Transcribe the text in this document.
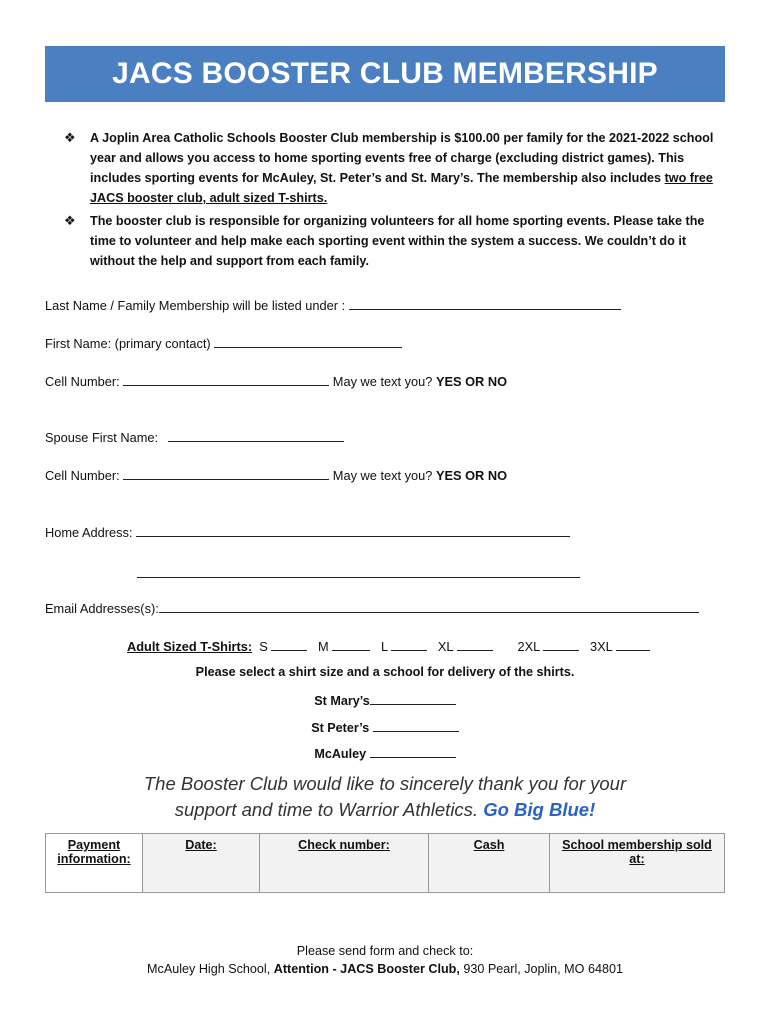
JACS BOOSTER CLUB MEMBERSHIP
❖ A Joplin Area Catholic Schools Booster Club membership is $100.00 per family for the 2021-2022 school year and allows you access to home sporting events free of charge (excluding district games). This includes sporting events for McAuley, St. Peter’s and St. Mary’s. The membership also includes two free JACS booster club, adult sized T-shirts.
❖ The booster club is responsible for organizing volunteers for all home sporting events. Please take the time to volunteer and help make each sporting event within the system a success. We couldn’t do it without the help and support from each family.
Last Name / Family Membership will be listed under :
First Name: (primary contact)
Cell Number:	May we text you? YES OR NO
Spouse First Name:
Cell Number:	May we text you? YES OR NO
Home Address:
Email Addresses(s):
Adult Sized T-Shirts: S	M	L	XL	2XL	3XL
Please select a shirt size and a school for delivery of the shirts.
St Mary’s
St Peter’s
McAuley
The Booster Club would like to sincerely thank you for your
support and time to Warrior Athletics. Go Big Blue!
Payment information:	Date:	Check number:	Cash	School membership sold at:
Please send form and check to:
McAuley High School, Attention - JACS Booster Club, 930 Pearl, Joplin, MO 64801
